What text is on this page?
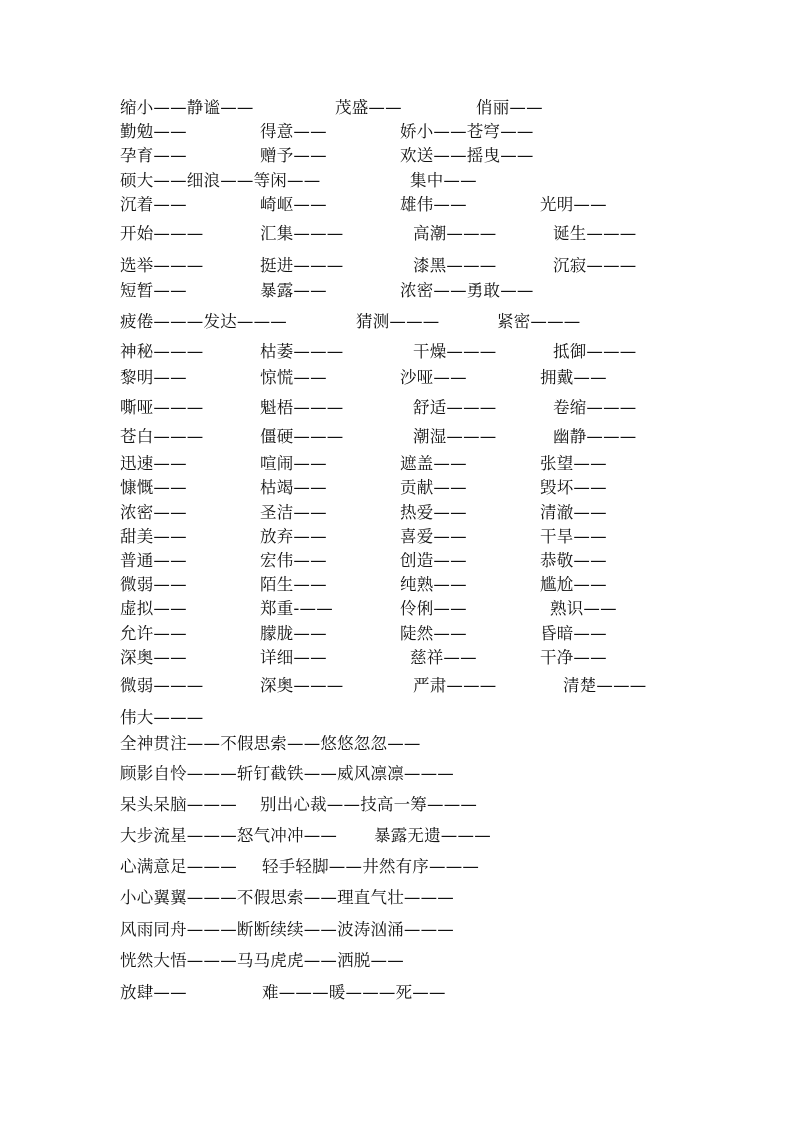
缩小——静谧——	茂盛——	俏丽——
勤勉——	得意——	娇小——苍穹——
孕育——	赠予——	欢送——摇曳——
硕大——细浪——等闲——	集中——
沉着——	崎岖——	雄伟——	光明——
开始———	汇集———	高潮———	诞生———
选举———	挺进———	漆黑———	沉寂———
短暂——	暴露——	浓密——勇敢——
疲倦———发达———	猜测———	紧密———
神秘———	枯萎———	干燥———	抵御———
黎明——	惊慌——	沙哑——	拥戴——
嘶哑———	魁梧———	舒适———	卷缩———
苍白———	僵硬———	潮湿———	幽静———
迅速——	喧闹——	遮盖——	张望——
慷慨——	枯竭——	贡献——	毁坏——
浓密——	圣洁——	热爱——	清澈——
甜美——	放弃——	喜爱——	干旱——
普通——	宏伟——	创造——	恭敬——
微弱——	陌生——	纯熟——	尴尬——
虚拟——	郑重-——	伶俐——	熟识——
允许——	朦胧——	陡然——	昏暗——
深奥——	详细——	慈祥——	干净——
微弱———	深奥———	严肃———	清楚———
伟大———
全神贯注——不假思索——悠悠忽忽——
顾影自怜———斩钉截铁——威风凛凛———
呆头呆脑——— 别出心裁——技高一筹———
大步流星———怒气冲冲—— 暴露无遗———
心满意足——— 轻手轻脚——井然有序———
小心翼翼———不假思索——理直气壮———
风雨同舟———断断续续——波涛汹涌———
恍然大悟———马马虎虎——洒脱——
放肆——	难———暖———死——
